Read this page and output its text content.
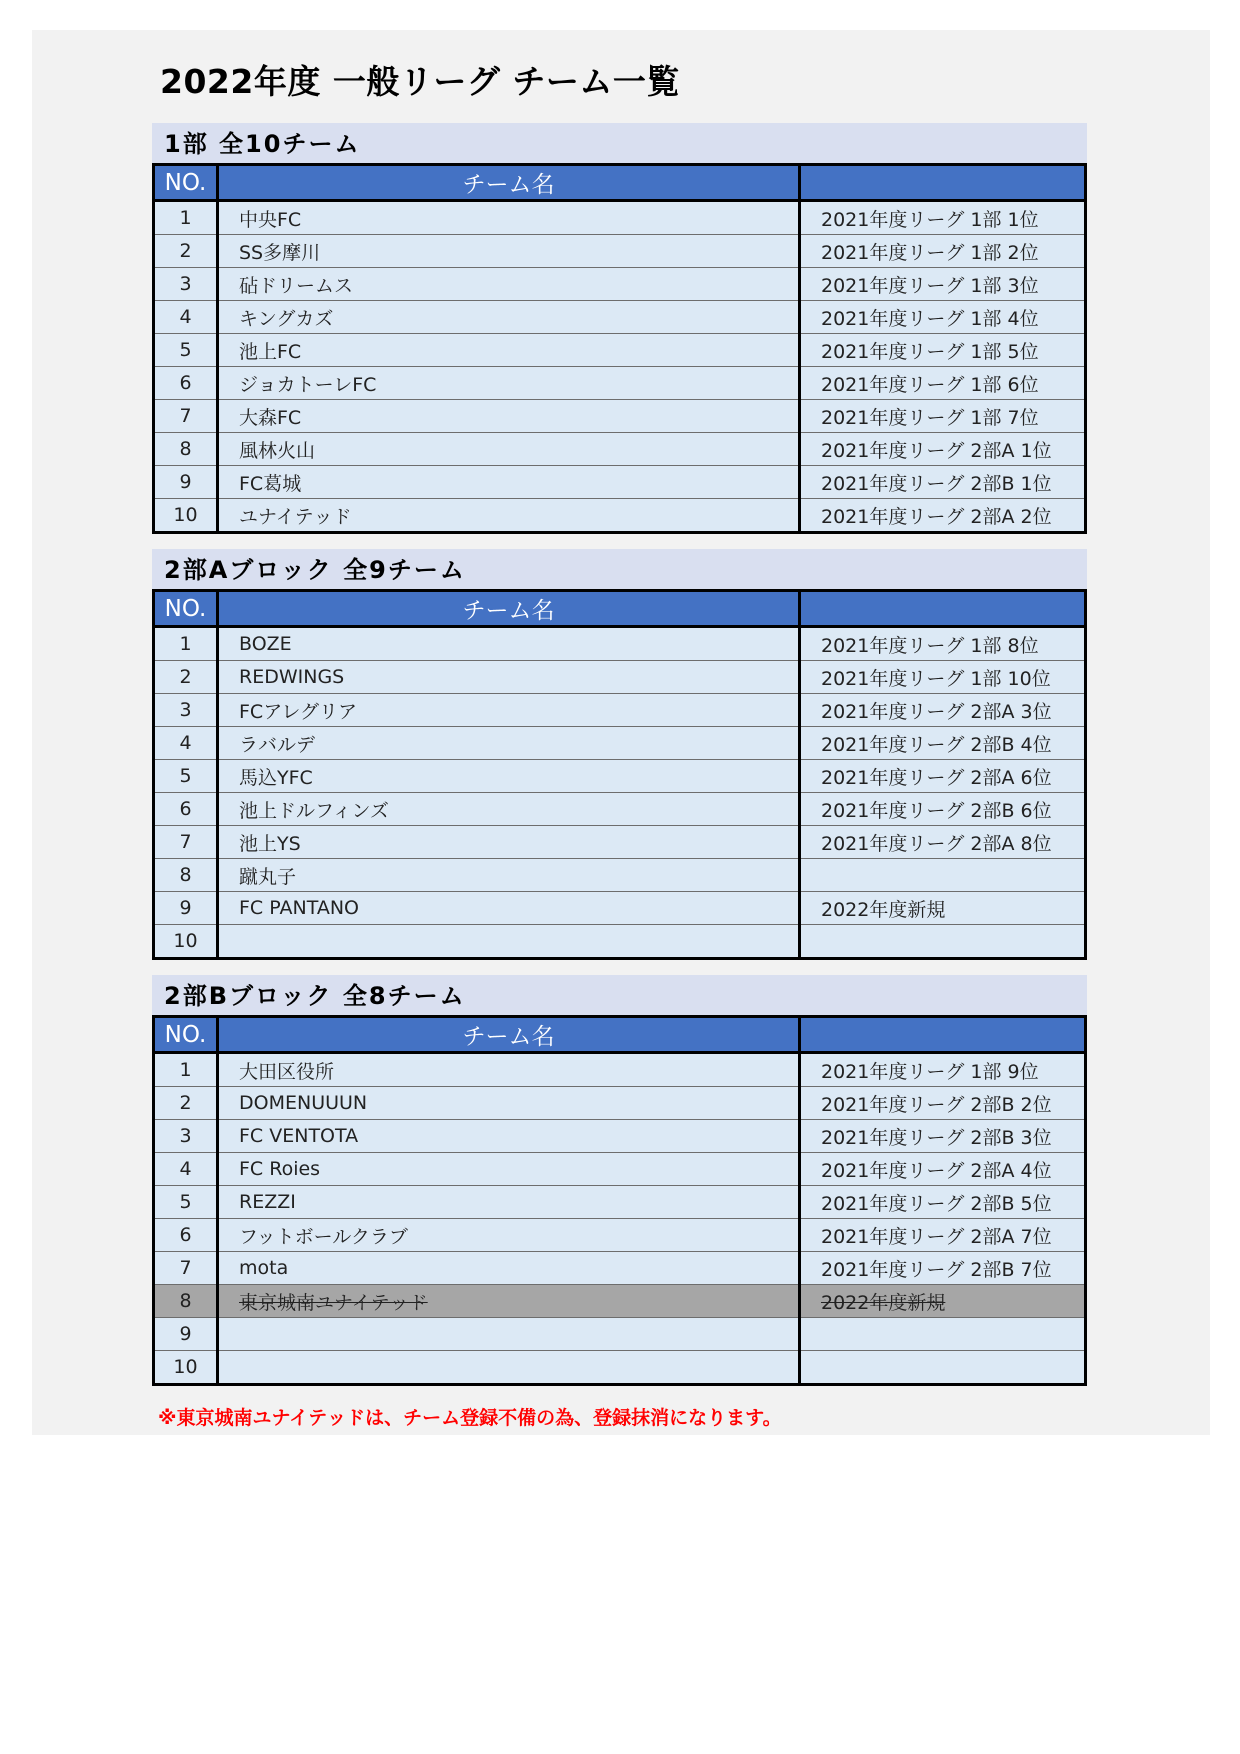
2022年度 一般リーグ チーム一覧
1部 全10チーム
NO.	チーム名	
1	中央FC	2021年度リーグ 1部 1位
2	SS多摩川	2021年度リーグ 1部 2位
3	砧ドリームス	2021年度リーグ 1部 3位
4	キングカズ	2021年度リーグ 1部 4位
5	池上FC	2021年度リーグ 1部 5位
6	ジョカトーレFC	2021年度リーグ 1部 6位
7	大森FC	2021年度リーグ 1部 7位
8	風林火山	2021年度リーグ 2部A 1位
9	FC葛城	2021年度リーグ 2部B 1位
10	ユナイテッド	2021年度リーグ 2部A 2位
2部Aブロック 全9チーム
NO.	チーム名	
1	BOZE	2021年度リーグ 1部 8位
2	REDWINGS	2021年度リーグ 1部 10位
3	FCアレグリア	2021年度リーグ 2部A 3位
4	ラバルデ	2021年度リーグ 2部B 4位
5	馬込YFC	2021年度リーグ 2部A 6位
6	池上ドルフィンズ	2021年度リーグ 2部B 6位
7	池上YS	2021年度リーグ 2部A 8位
8	蹴丸子	
9	FC PANTANO	2022年度新規
10		
2部Bブロック 全8チーム
NO.	チーム名	
1	大田区役所	2021年度リーグ 1部 9位
2	DOMENUUUN	2021年度リーグ 2部B 2位
3	FC VENTOTA	2021年度リーグ 2部B 3位
4	FC Roies	2021年度リーグ 2部A 4位
5	REZZI	2021年度リーグ 2部B 5位
6	フットボールクラブ	2021年度リーグ 2部A 7位
7	mota	2021年度リーグ 2部B 7位
8	東京城南ユナイテッド	2022年度新規
9		
10		
※東京城南ユナイテッドは、チーム登録不備の為、登録抹消になります。
